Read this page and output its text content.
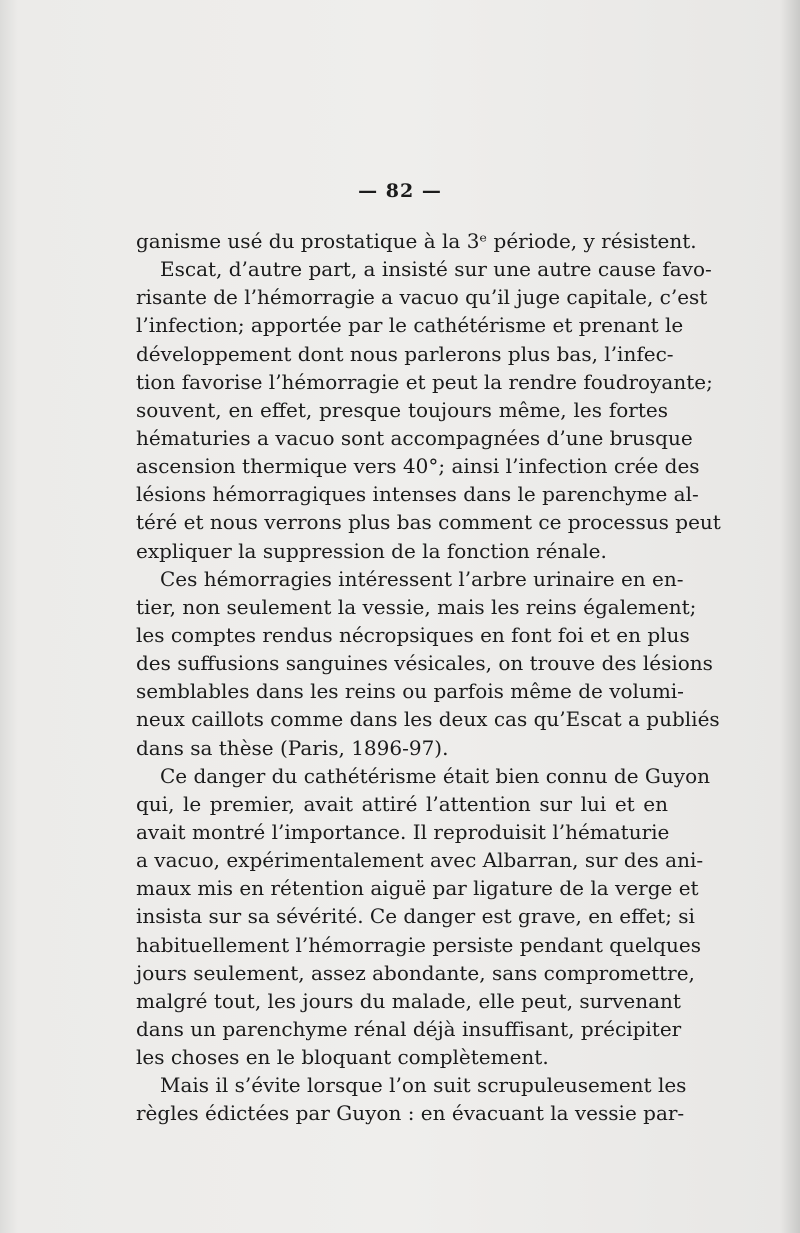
— 82 —
ganisme usé du prostatique à la 3ᵉ période, y résistent.
Escat, d’autre part, a insisté sur une autre cause favo-
risante de l’hémorragie a vacuo qu’il juge capitale, c’est
l’infection; apportée par le cathétérisme et prenant le
développement dont nous parlerons plus bas, l’infec-
tion favorise l’hémorragie et peut la rendre foudroyante;
souvent, en effet, presque toujours même, les fortes
hématuries a vacuo sont accompagnées d’une brusque
ascension thermique vers 40°; ainsi l’infection crée des
lésions hémorragiques intenses dans le parenchyme al-
téré et nous verrons plus bas comment ce processus peut
expliquer la suppression de la fonction rénale.
Ces hémorragies intéressent l’arbre urinaire en en-
tier, non seulement la vessie, mais les reins également;
les comptes rendus nécropsiques en font foi et en plus
des suffusions sanguines vésicales, on trouve des lésions
semblables dans les reins ou parfois même de volumi-
neux caillots comme dans les deux cas qu’Escat a publiés
dans sa thèse (Paris, 1896-97).
Ce danger du cathétérisme était bien connu de Guyon
qui, le premier, avait attiré l’attention sur lui et en
avait montré l’importance. Il reproduisit l’hématurie
a vacuo, expérimentalement avec Albarran, sur des ani-
maux mis en rétention aiguë par ligature de la verge et
insista sur sa sévérité. Ce danger est grave, en effet; si
habituellement l’hémorragie persiste pendant quelques
jours seulement, assez abondante, sans compromettre,
malgré tout, les jours du malade, elle peut, survenant
dans un parenchyme rénal déjà insuffisant, précipiter
les choses en le bloquant complètement.
Mais il s’évite lorsque l’on suit scrupuleusement les
règles édictées par Guyon : en évacuant la vessie par-
